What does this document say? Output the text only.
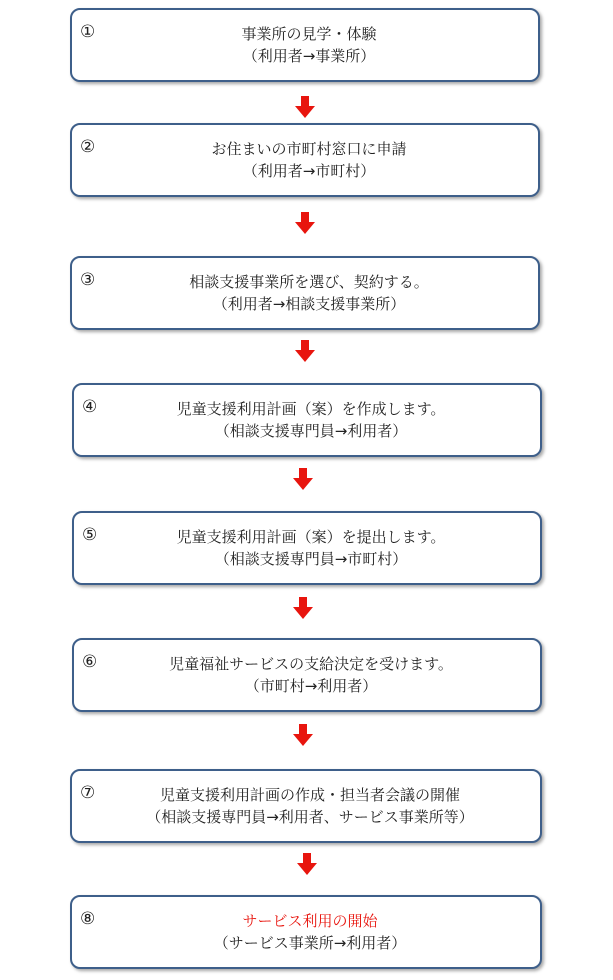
①	事業所の見学・体験
（利用者→事業所）
②	お住まいの市町村窓口に申請
（利用者→市町村）
③	相談支援事業所を選び、契約する。
（利用者→相談支援事業所）
④	児童支援利用計画（案）を作成します。
（相談支援専門員→利用者）
⑤	児童支援利用計画（案）を提出します。
（相談支援専門員→市町村）
⑥	児童福祉サービスの支給決定を受けます。
（市町村→利用者）
⑦	児童支援利用計画の作成・担当者会議の開催
（相談支援専門員→利用者、サービス事業所等）
⑧	サービス利用の開始
（サービス事業所→利用者）
